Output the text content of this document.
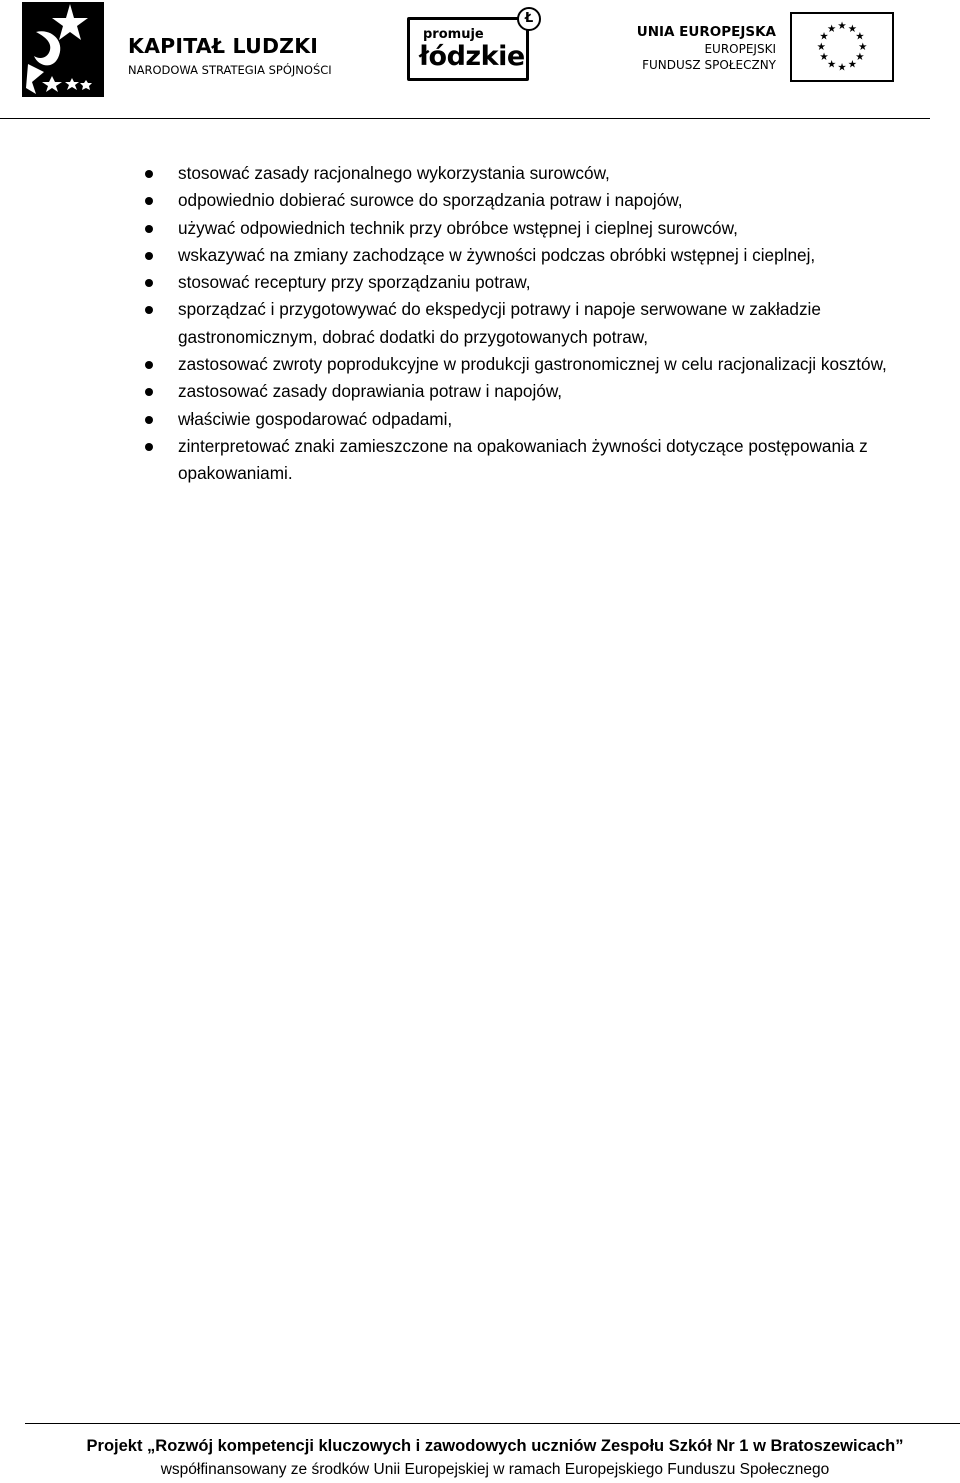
KAPITAŁ LUDZKI
NARODOWA STRATEGIA SPÓJNOŚCI
promuje
łódzkie
Ł
UNIA EUROPEJSKA
EUROPEJSKI
FUNDUSZ SPOŁECZNY
★ ★
★
★
★
★
★
★
★
★
★
★
stosować zasady racjonalnego wykorzystania surowców,
odpowiednio dobierać surowce do sporządzania potraw i napojów,
używać odpowiednich technik przy obróbce wstępnej i cieplnej surowców,
wskazywać na zmiany zachodzące w żywności podczas obróbki wstępnej i cieplnej,
stosować receptury przy sporządzaniu potraw,
sporządzać i przygotowywać do ekspedycji potrawy i napoje serwowane w zakładzie gastronomicznym, dobrać dodatki do przygotowanych potraw,
zastosować zwroty poprodukcyjne w produkcji gastronomicznej w celu racjonalizacji kosztów,
zastosować zasady doprawiania potraw i napojów,
właściwie gospodarować odpadami,
zinterpretować znaki zamieszczone na opakowaniach żywności dotyczące postępowania z opakowaniami.
Projekt „Rozwój kompetencji kluczowych i zawodowych uczniów Zespołu Szkół Nr 1 w Bratoszewicach”
współfinansowany ze środków Unii Europejskiej w ramach Europejskiego Funduszu Społecznego
